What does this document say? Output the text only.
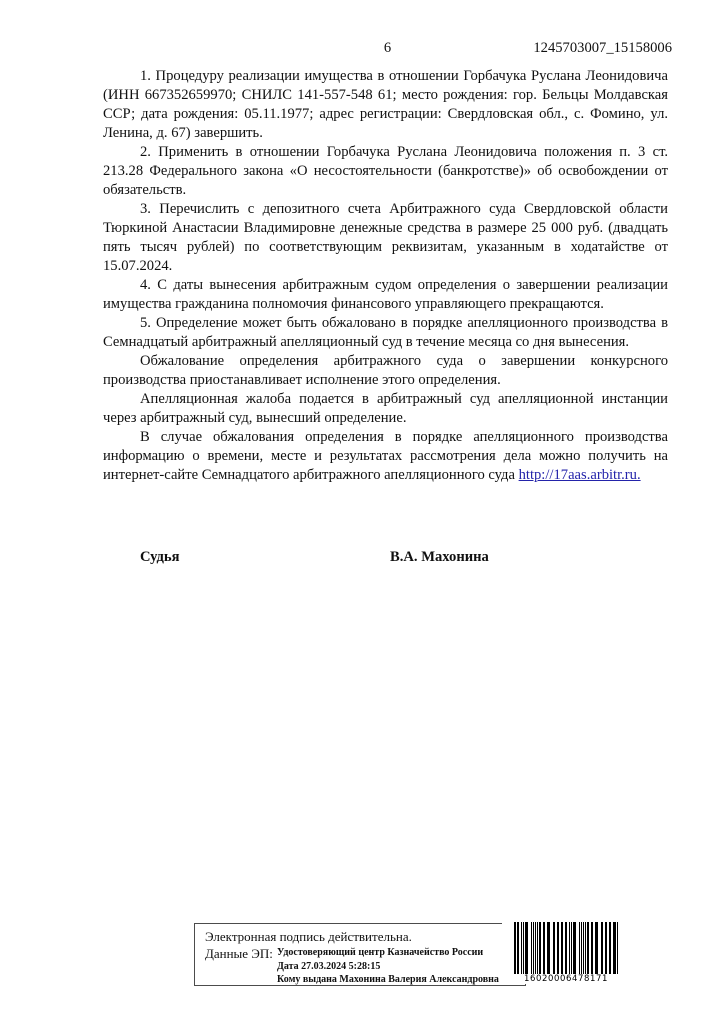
6	1245703007_15158006

1. Процедуру реализации имущества в отношении Горбачука Руслана Леонидовича (ИНН 667352659970; СНИЛС 141-557-548 61; место рождения: гор. Бельцы Молдавская ССР; дата рождения: 05.11.1977; адрес регистрации: Свердловская обл., с. Фомино, ул. Ленина, д. 67) завершить.

2. Применить в отношении Горбачука Руслана Леонидовича положения п. 3 ст. 213.28 Федерального закона «О несостоятельности (банкротстве)» об освобождении от обязательств.

3. Перечислить с депозитного счета Арбитражного суда Свердловской области Тюркиной Анастасии Владимировне денежные средства в размере 25 000 руб. (двадцать пять тысяч рублей) по соответствующим реквизитам, указанным в ходатайстве от 15.07.2024.

4. С даты вынесения арбитражным судом определения о завершении реализации имущества гражданина полномочия финансового управляющего прекращаются.

5. Определение может быть обжаловано в порядке апелляционного производства в Семнадцатый арбитражный апелляционный суд в течение месяца со дня вынесения.

Обжалование определения арбитражного суда о завершении конкурсного производства приостанавливает исполнение этого определения.

Апелляционная жалоба подается в арбитражный суд апелляционной инстанции через арбитражный суд, вынесший определение.

В случае обжалования определения в порядке апелляционного производства информацию о времени, месте и результатах рассмотрения дела можно получить на интернет-сайте Семнадцатого арбитражного апелляционного суда http://17aas.arbitr.ru.

Судья	В.А. Махонина
Электронная подпись действительна.
Данные ЭП: Удостоверяющий центр Казначейство России
Дата 27.03.2024 5:28:15
Кому выдана Махонина Валерия Александровна	16020006478171
